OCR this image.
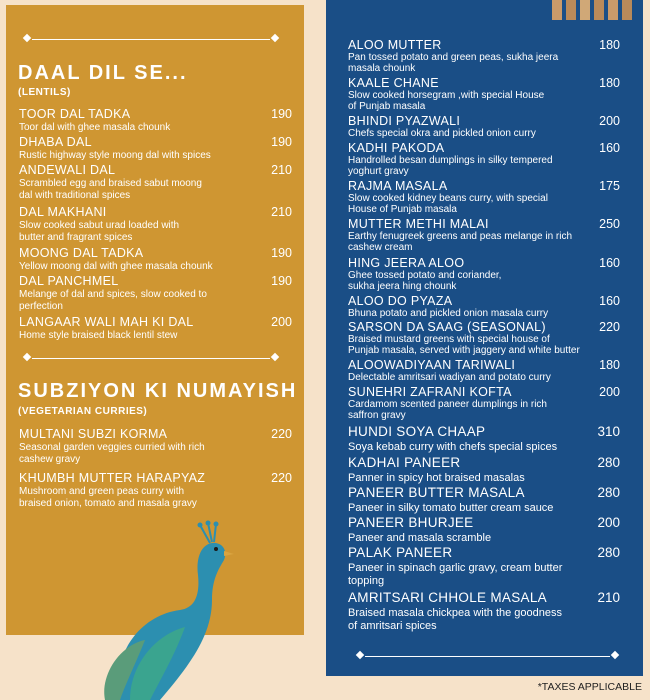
DAAL DIL SE...
(LENTILS)
TOOR DAL TADKA	190
Toor dal with ghee masala chounk
DHABA DAL	190
Rustic highway style moong dal with spices
ANDEWALI DAL	210
Scrambled egg and braised sabut moong
dal with traditional spices
DAL MAKHANI	210
Slow cooked sabut urad loaded with
butter and fragrant spices
MOONG DAL TADKA	190
Yellow moong dal with ghee masala chounk
DAL PANCHMEL	190
Melange of dal and spices, slow cooked to
perfection
LANGAAR WALI MAH KI DAL	200
Home style braised black lentil stew
SUBZIYON KI NUMAYISH
(VEGETARIAN CURRIES)
MULTANI SUBZI KORMA	220
Seasonal garden veggies curried with rich
cashew gravy
KHUMBH MUTTER HARAPYAZ	220
Mushroom and green peas curry with
braised onion, tomato and masala gravy
ALOO MUTTER	180
Pan tossed potato and green peas, sukha jeera
masala chounk
KAALE CHANE	180
Slow cooked horsegram ,with special House
of Punjab masala
BHINDI PYAZWALI	200
Chefs special okra and pickled onion curry
KADHI PAKODA	160
Handrolled besan dumplings in silky tempered
yoghurt gravy
RAJMA MASALA	175
Slow cooked kidney beans curry, with special
House of Punjab masala
MUTTER METHI MALAI	250
Earthy fenugreek greens and peas melange in rich
cashew cream
HING JEERA ALOO	160
Ghee tossed potato and coriander,
sukha jeera hing chounk
ALOO DO PYAZA	160
Bhuna potato and pickled onion masala curry
SARSON DA SAAG (SEASONAL)	220
Braised mustard greens with special house of
Punjab masala, served with jaggery and white butter
ALOOWADIYAAN TARIWALI	180
Delectable amritsari wadiyan and potato curry
SUNEHRI ZAFRANI KOFTA	200
Cardamom scented paneer dumplings in rich
saffron gravy
HUNDI SOYA CHAAP	310
Soya kebab curry with chefs special spices
KADHAI PANEER	280
Panner in spicy hot braised masalas
PANEER BUTTER MASALA	280
Paneer in silky tomato butter cream sauce
PANEER BHURJEE	200
Paneer and masala scramble
PALAK PANEER	280
Paneer in spinach garlic gravy, cream butter
topping
AMRITSARI CHHOLE MASALA	210
Braised masala chickpea with the goodness
of amritsari spices
*TAXES APPLICABLE
